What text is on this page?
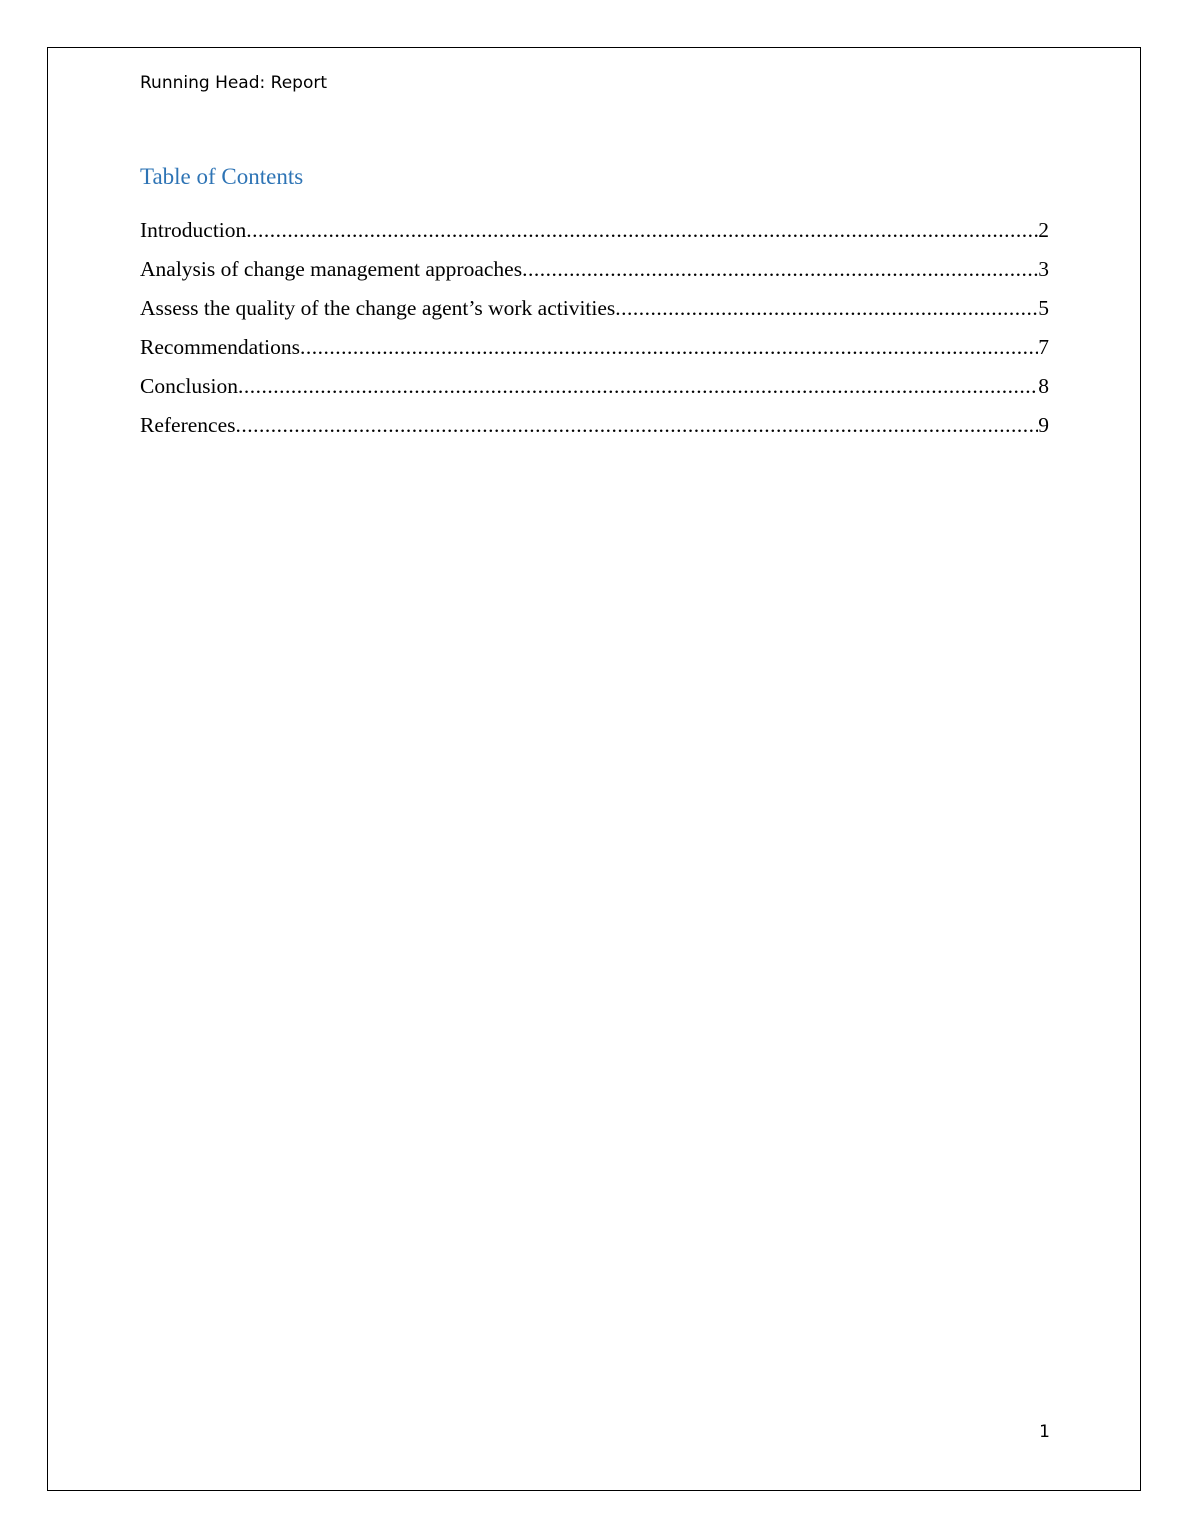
Running Head: Report
Table of Contents
Introduction .....	2
Analysis of change management approaches .....	3
Assess the quality of the change agent’s work activities .....	5
Recommendations .....	7
Conclusion .....	8
References .....	9
1
